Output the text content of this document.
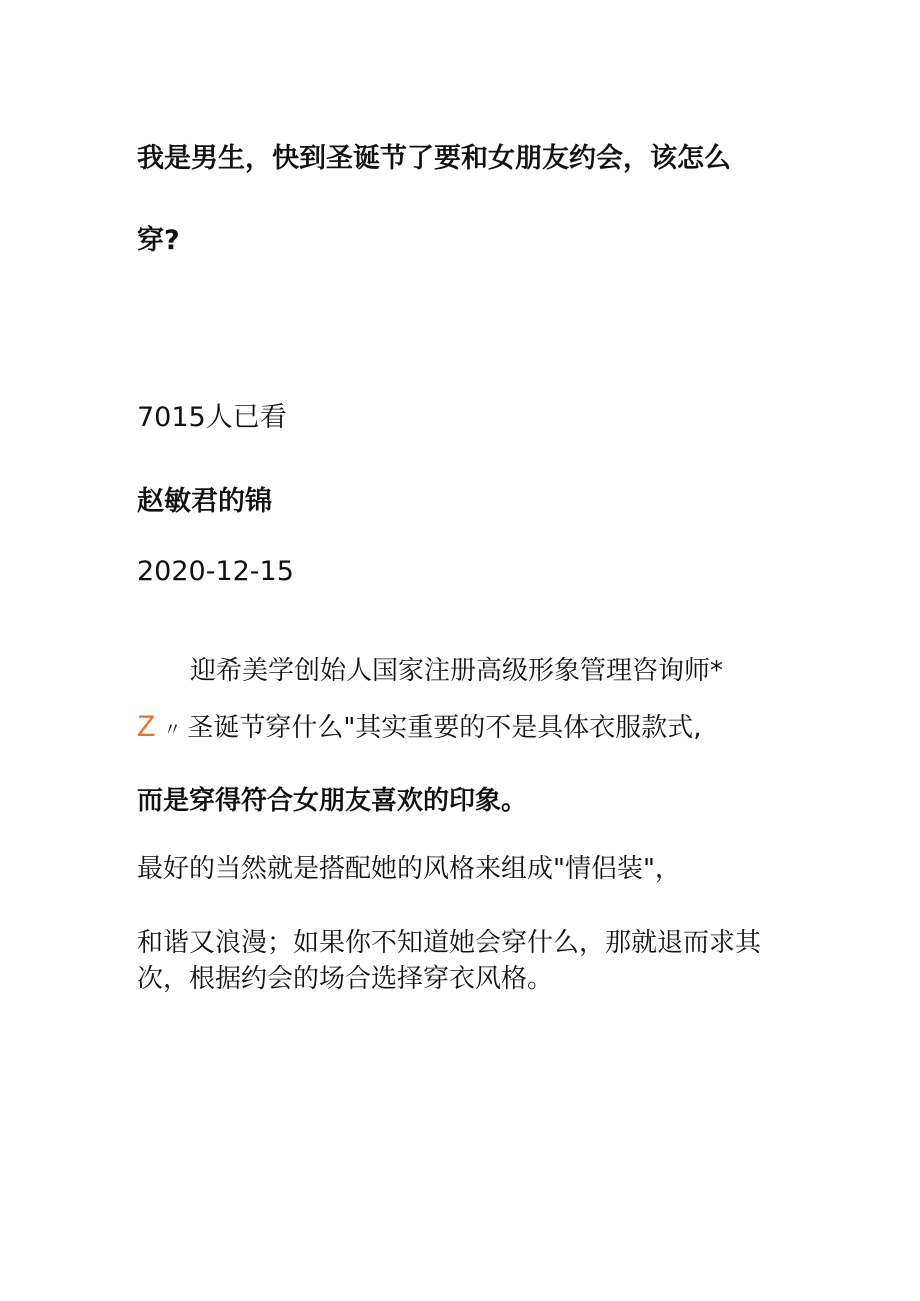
我是男生，快到圣诞节了要和女朋友约会，该怎么
穿?
7015人已看
赵敏君的锦
2020-12-15
迎希美学创始人国家注册高级形象管理咨询师*
Z 〃 圣诞节穿什么"其实重要的不是具体衣服款式,
而是穿得符合女朋友喜欢的印象。
最好的当然就是搭配她的风格来组成"情侣装"，
和谐又浪漫；如果你不知道她会穿什么，那就退而求其
次，根据约会的场合选择穿衣风格。
